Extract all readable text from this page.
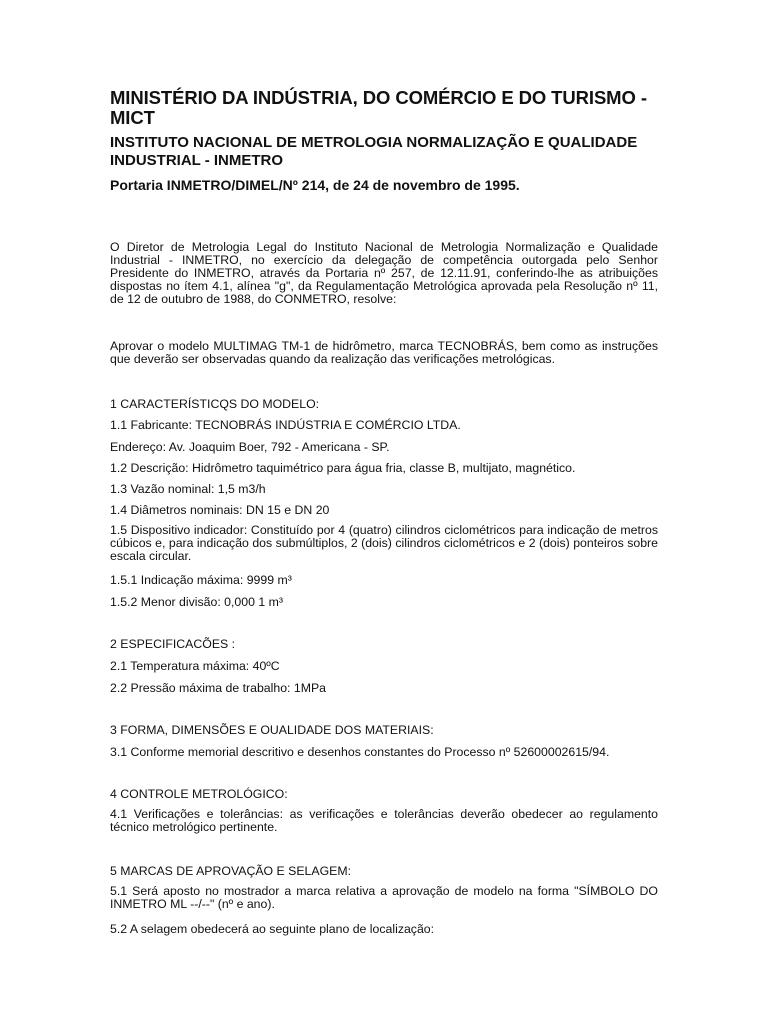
MINISTÉRIO DA INDÚSTRIA, DO COMÉRCIO E DO TURISMO - MICT
INSTITUTO NACIONAL DE METROLOGIA NORMALIZAÇÃO E QUALIDADE INDUSTRIAL - INMETRO
Portaria INMETRO/DIMEL/Nº 214, de 24 de novembro de 1995.

O Diretor de Metrologia Legal do Instituto Nacional de Metrologia Normalização e Qualidade Industrial - INMETRO, no exercício da delegação de competência outorgada pelo Senhor Presidente do INMETRO, através da Portaria nº 257, de 12.11.91, conferindo-lhe as atribuições dispostas no ítem 4.1, alínea "g", da Regulamentação Metrológica aprovada pela Resolução nº 11, de 12 de outubro de 1988, do CONMETRO, resolve:

Aprovar o modelo MULTIMAG TM-1 de hidrômetro, marca TECNOBRÁS, bem como as instruções que deverão ser observadas quando da realização das verificações metrológicas.

1 CARACTERÍSTICQS DO MODELO:

1.1 Fabricante: TECNOBRÁS INDÚSTRIA E COMÉRCIO LTDA.

Endereço: Av. Joaquim Boer, 792 - Americana - SP.

1.2 Descrição: Hidrômetro taquimétrico para água fria, classe B, multijato, magnético.

1.3 Vazão nominal: 1,5 m3/h

1.4 Diâmetros nominais: DN 15 e DN 20

1.5 Dispositivo indicador: Constituído por 4 (quatro) cilindros ciclométricos para indicação de metros cúbicos e, para indicação dos submúltiplos, 2 (dois) cilindros ciclométricos e 2 (dois) ponteiros sobre escala circular.

1.5.1 Indicação máxima: 9999 m³

1.5.2 Menor divisão: 0,000 1 m³

2 ESPECIFICACÕES :

2.1 Temperatura máxima: 40ºC

2.2 Pressão máxima de trabalho: 1MPa

3 FORMA, DIMENSÕES E OUALIDADE DOS MATERIAIS:

3.1 Conforme memorial descritivo e desenhos constantes do Processo nº 52600002615/94.

4 CONTROLE METROLÓGICO:

4.1 Verificações e tolerâncias: as verificações e tolerâncias deverão obedecer ao regulamento técnico metrológico pertinente.

5 MARCAS DE APROVAÇÃO E SELAGEM:

5.1 Será aposto no mostrador a marca relativa a aprovação de modelo na forma "SÍMBOLO DO INMETRO ML --/--" (nº e ano).

5.2 A selagem obedecerá ao seguinte plano de localização:
